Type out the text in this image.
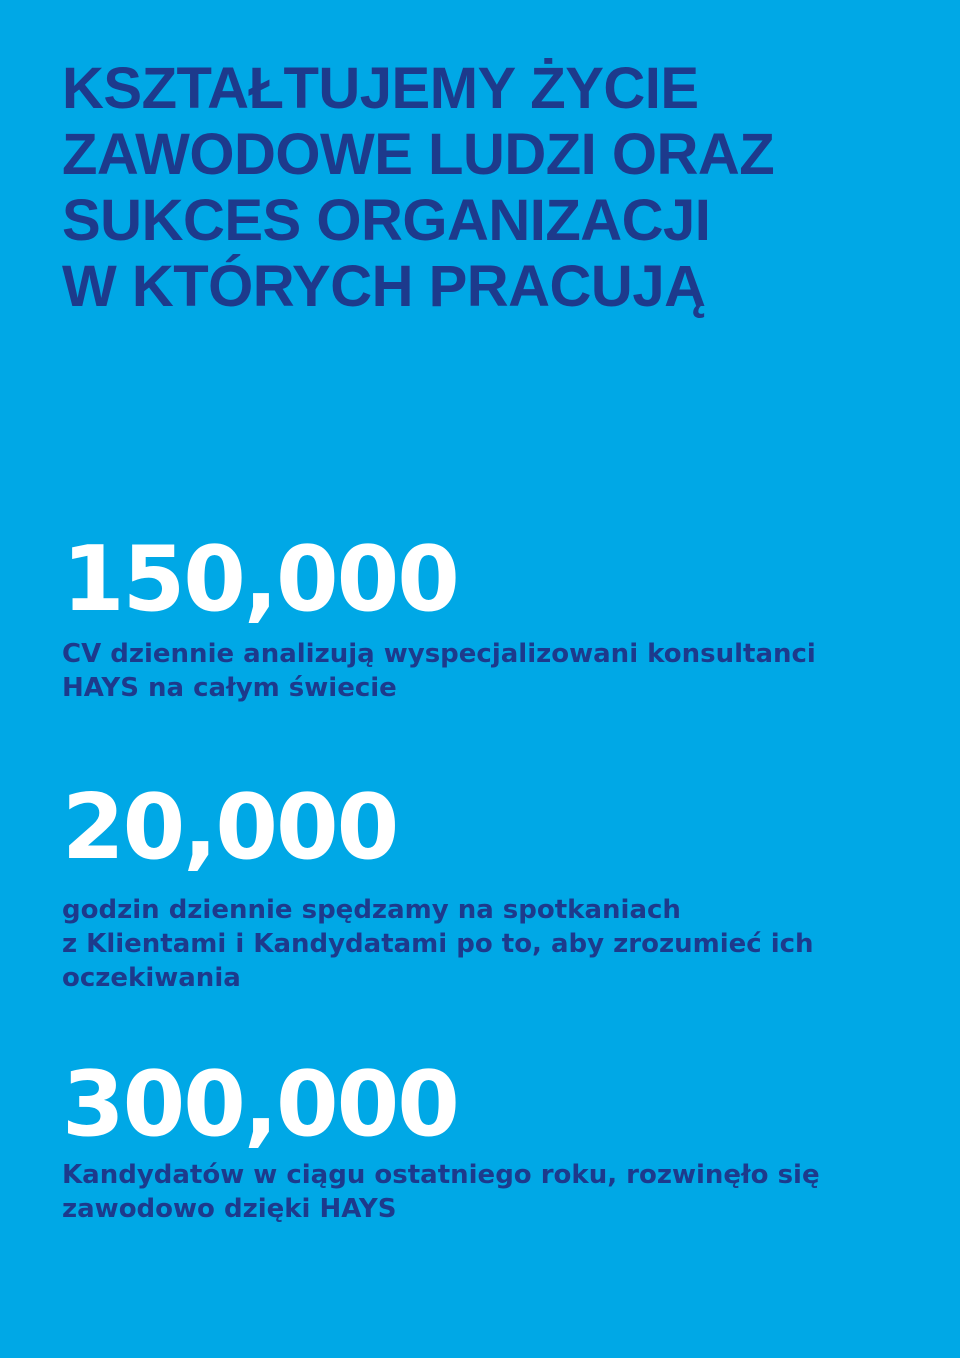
KSZTAŁTUJEMY ŻYCIE
ZAWODOWE LUDZI ORAZ
SUKCES ORGANIZACJI
W KTÓRYCH PRACUJĄ

150,000

CV dziennie analizują wyspecjalizowani konsultanci
HAYS na całym świecie

20,000

godzin dziennie spędzamy na spotkaniach
z Klientami i Kandydatami po to, aby zrozumieć ich
oczekiwania

300,000

Kandydatów w ciągu ostatniego roku, rozwinęło się
zawodowo dzięki HAYS
